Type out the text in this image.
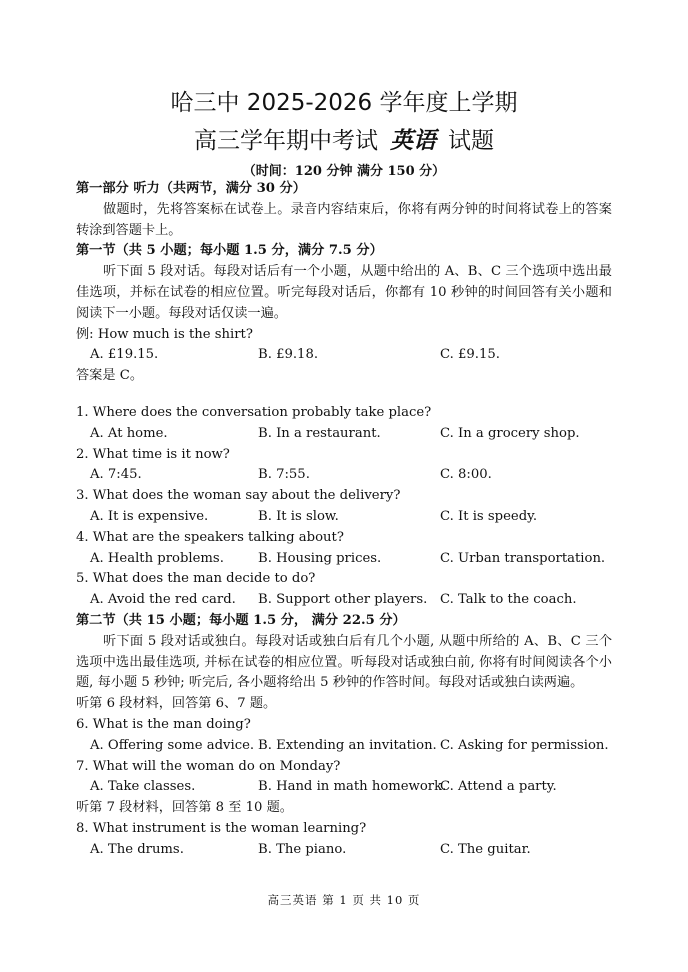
哈三中 2025-2026 学年度上学期
高三学年期中考试 英语 试题
（时间：120 分钟 满分 150 分）
第一部分 听力（共两节，满分 30 分）
做题时，先将答案标在试卷上。录音内容结束后，你将有两分钟的时间将试卷上的答案转涂到答题卡上。
第一节（共 5 小题；每小题 1.5 分，满分 7.5 分）
听下面 5 段对话。每段对话后有一个小题，从题中给出的 A、B、C 三个选项中选出最佳选项，并标在试卷的相应位置。听完每段对话后，你都有 10 秒钟的时间回答有关小题和阅读下一小题。每段对话仅读一遍。
例: How much is the shirt?
A. £19.15.	B. £9.18.	C. £9.15.
答案是 C。
1. Where does the conversation probably take place?
A. At home.	B. In a restaurant.	C. In a grocery shop.
2. What time is it now?
A. 7:45.	B. 7:55.	C. 8:00.
3. What does the woman say about the delivery?
A. It is expensive.	B. It is slow.	C. It is speedy.
4. What are the speakers talking about?
A. Health problems.	B. Housing prices.	C. Urban transportation.
5. What does the man decide to do?
A. Avoid the red card.	B. Support other players. C. Talk to the coach.
第二节（共 15 小题；每小题 1.5 分， 满分 22.5 分）
听下面 5 段对话或独白。每段对话或独白后有几个小题, 从题中所给的 A、B、C 三个选项中选出最佳选项, 并标在试卷的相应位置。听每段对话或独白前, 你将有时间阅读各个小题, 每小题 5 秒钟; 听完后, 各小题将给出 5 秒钟的作答时间。每段对话或独白读两遍。
听第 6 段材料，回答第 6、7 题。
6. What is the man doing?
A. Offering some advice. B. Extending an invitation. C. Asking for permission.
7. What will the woman do on Monday?
A. Take classes.	B. Hand in math homework.
C. Attend a party.
听第 7 段材料，回答第 8 至 10 题。
8. What instrument is the woman learning?
A. The drums.	B. The piano.	C. The guitar.
高三英语 第 1 页 共 10 页
